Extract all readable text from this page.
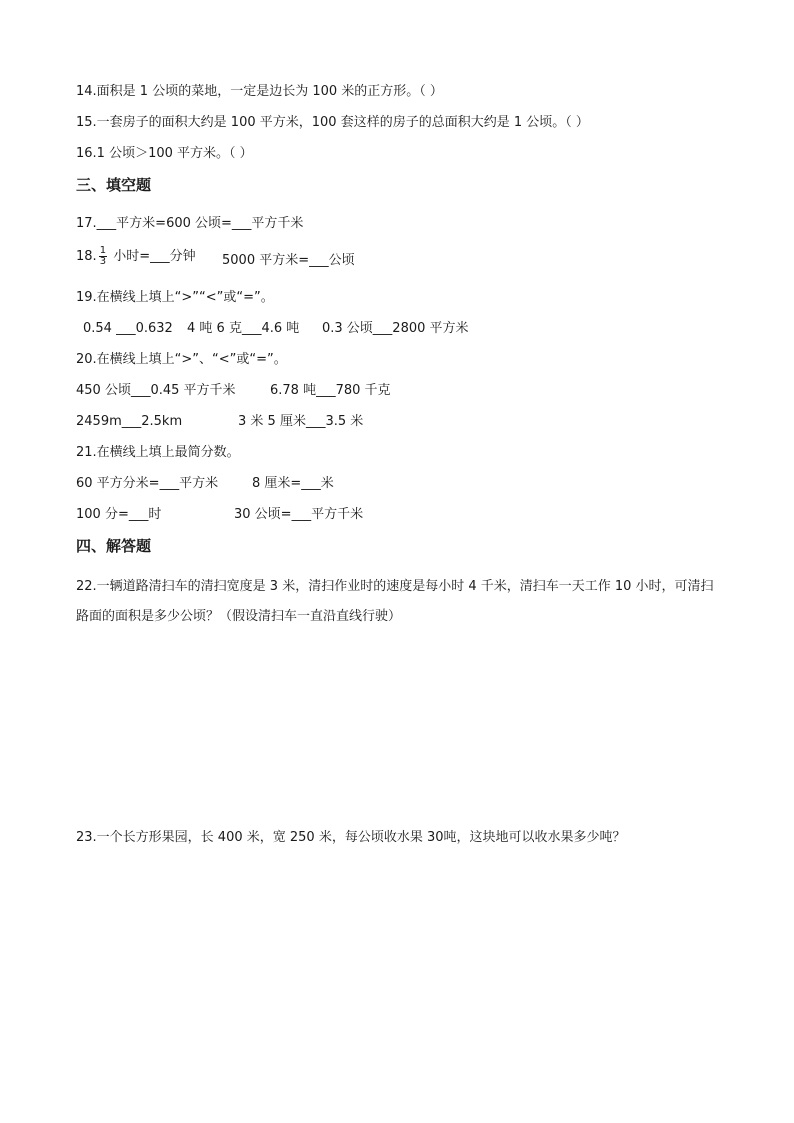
14.面积是 1 公顷的菜地，一定是边长为 100 米的正方形。（ ）
15.一套房子的面积大约是 100 平方米，100 套这样的房子的总面积大约是 1 公顷。（ ）
16.1 公顷＞100 平方米。（ ）
三、填空题
17.___平方米=600 公顷=___平方千米
18. $\frac{1}{3}$ 小时=___分钟 5000 平方米=___公顷
19.在横线上填上“>”“<”或“=”。
0.54 ___0.632 4 吨 6 克___4.6 吨 0.3 公顷___2800 平方米
20.在横线上填上“>”、“<”或“=”。
450 公顷___0.45 平方千米	6.78 吨___780 千克
2459m___2.5km	3 米 5 厘米___3.5 米
21.在横线上填上最简分数。
60 平方分米=___平方米	8 厘米=___米
100 分=___时	30 公顷=___平方千米
四、解答题
22.一辆道路清扫车的清扫宽度是 3 米，清扫作业时的速度是每小时 4 千米，清扫车一天工作 10 小时，可清扫路面的面积是多少公顷？（假设清扫车一直沿直线行驶）
23.一个长方形果园，长 400 米，宽 250 米，每公顷收水果 30吨，这块地可以收水果多少吨？
